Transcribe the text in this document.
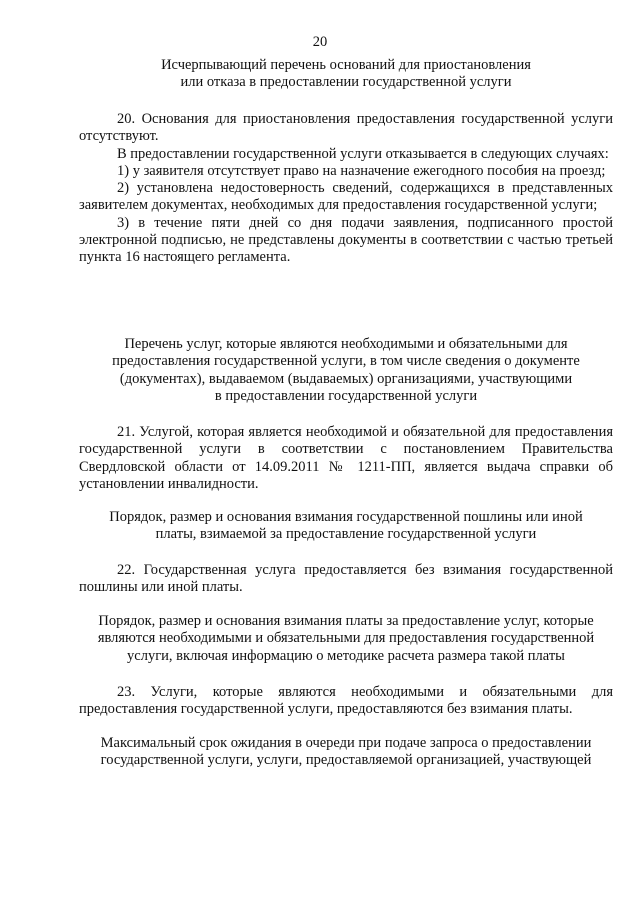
20
Исчерпывающий перечень оснований для приостановления
или отказа в предоставлении государственной услуги

20. Основания для приостановления предоставления государственной услуги отсутствуют.

В предоставлении государственной услуги отказывается в следующих случаях:

1) у заявителя отсутствует право на назначение ежегодного пособия на проезд;

2) установлена недостоверность сведений, содержащихся в представленных заявителем документах, необходимых для предоставления государственной услуги;

3) в течение пяти дней со дня подачи заявления, подписанного простой электронной подписью, не представлены документы в соответствии с частью третьей пункта 16 настоящего регламента.

Перечень услуг, которые являются необходимыми и обязательными для
предоставления государственной услуги, в том числе сведения о документе
(документах), выдаваемом (выдаваемых) организациями, участвующими
в предоставлении государственной услуги

21. Услугой, которая является необходимой и обязательной для предоставления государственной услуги в соответствии с постановлением Правительства Свердловской области от 14.09.2011 № 1211-ПП, является выдача справки об установлении инвалидности.

Порядок, размер и основания взимания государственной пошлины или иной
платы, взимаемой за предоставление государственной услуги

22. Государственная услуга предоставляется без взимания государственной пошлины или иной платы.

Порядок, размер и основания взимания платы за предоставление услуг, которые
являются необходимыми и обязательными для предоставления государственной
услуги, включая информацию о методике расчета размера такой платы

23. Услуги, которые являются необходимыми и обязательными для предоставления государственной услуги, предоставляются без взимания платы.

Максимальный срок ожидания в очереди при подаче запроса о предоставлении
государственной услуги, услуги, предоставляемой организацией, участвующей
